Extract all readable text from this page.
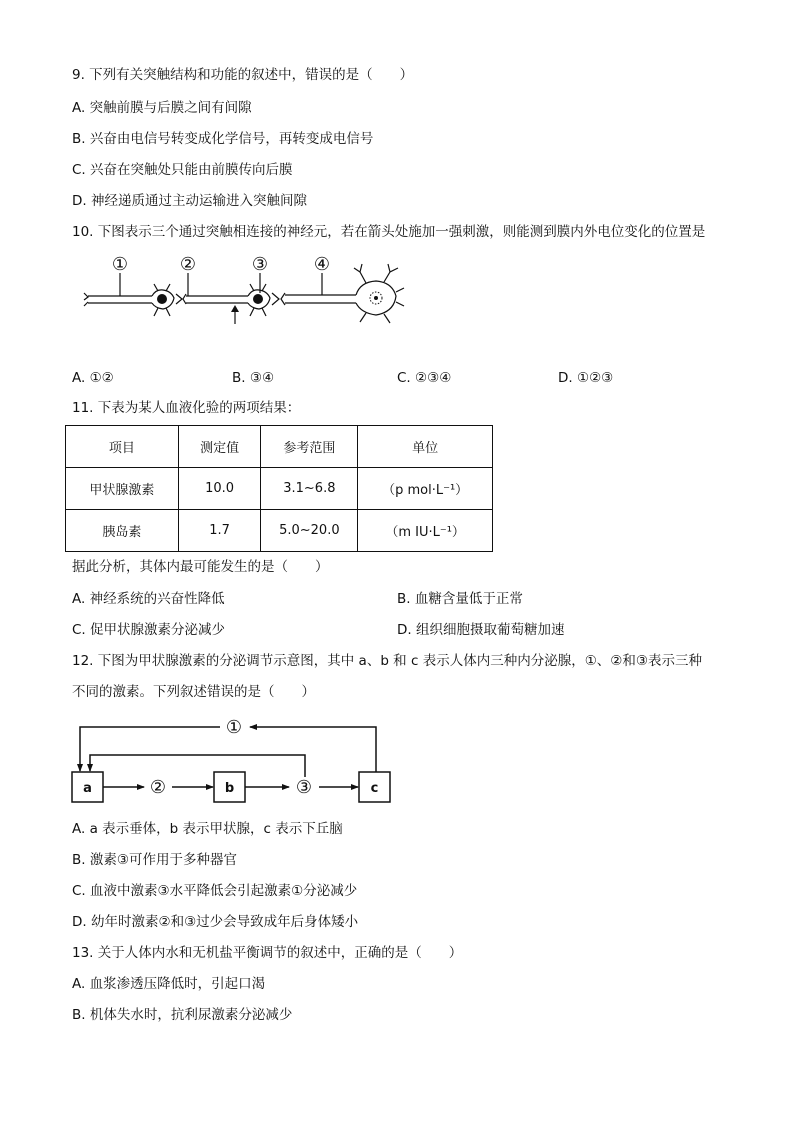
9. 下列有关突触结构和功能的叙述中，错误的是（　　）
A. 突触前膜与后膜之间有间隙
B. 兴奋由电信号转变成化学信号，再转变成电信号
C. 兴奋在突触处只能由前膜传向后膜
D. 神经递质通过主动运输进入突触间隙
10. 下图表示三个通过突触相连接的神经元，若在箭头处施加一强刺激，则能测到膜内外电位变化的位置是
①	②	③	④
A. ①②	B. ③④	C. ②③④	D. ①②③
11. 下表为某人血液化验的两项结果：
项目	测定值	参考范围	单位
甲状腺激素	10.0	3.1~6.8	（p mol·L⁻¹）
胰岛素	1.7	5.0~20.0	（m IU·L⁻¹）
据此分析，其体内最可能发生的是（　　）
A. 神经系统的兴奋性降低	B. 血糖含量低于正常
C. 促甲状腺激素分泌减少	D. 组织细胞摄取葡萄糖加速
12. 下图为甲状腺激素的分泌调节示意图，其中 a、b 和 c 表示人体内三种内分泌腺，①、②和③表示三种
不同的激素。下列叙述错误的是（　　）
a	b	c
①
②	③
A. a 表示垂体，b 表示甲状腺，c 表示下丘脑
B. 激素③可作用于多种器官
C. 血液中激素③水平降低会引起激素①分泌减少
D. 幼年时激素②和③过少会导致成年后身体矮小
13. 关于人体内水和无机盐平衡调节的叙述中，正确的是（　　）
A. 血浆渗透压降低时，引起口渴
B. 机体失水时，抗利尿激素分泌减少
